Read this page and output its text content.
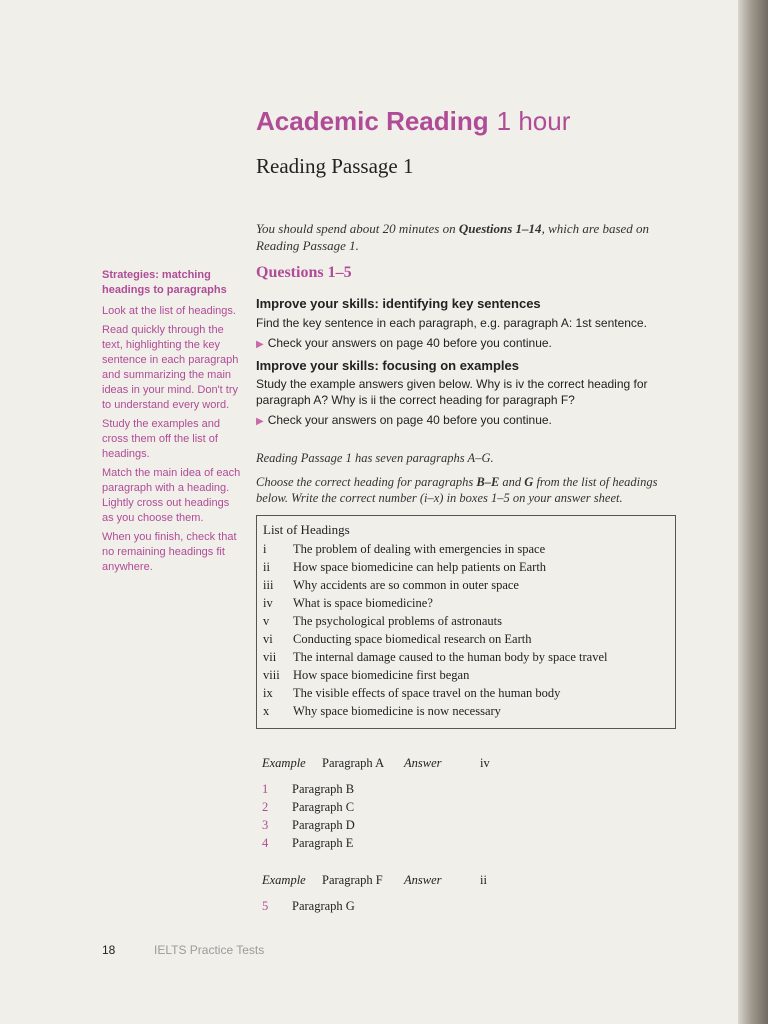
Academic Reading 1 hour
Reading Passage 1
You should spend about 20 minutes on Questions 1–14, which are based on Reading Passage 1.
Strategies: matching headings to paragraphs

Look at the list of headings.

Read quickly through the text, highlighting the key sentence in each paragraph and summarizing the main ideas in your mind. Don't try to understand every word.

Study the examples and cross them off the list of headings.

Match the main idea of each paragraph with a heading. Lightly cross out headings as you choose them.

When you finish, check that no remaining headings fit anywhere.

Questions 1–5
Improve your skills: identifying key sentences
Find the key sentence in each paragraph, e.g. paragraph A: 1st sentence.
▶ Check your answers on page 40 before you continue.
Improve your skills: focusing on examples
Study the example answers given below. Why is iv the correct heading for paragraph A? Why is ii the correct heading for paragraph F?
▶ Check your answers on page 40 before you continue.
Reading Passage 1 has seven paragraphs A–G.
Choose the correct heading for paragraphs B–E and G from the list of headings below. Write the correct number (i–x) in boxes 1–5 on your answer sheet.
List of Headings
i The problem of dealing with emergencies in space
ii How space biomedicine can help patients on Earth
iii Why accidents are so common in outer space
iv What is space biomedicine?
v The psychological problems of astronauts
vi Conducting space biomedical research on Earth
vii The internal damage caused to the human body by space travel
viii How space biomedicine first began
ix The visible effects of space travel on the human body
x Why space biomedicine is now necessary
Example Paragraph A Answer	iv
1 Paragraph B
2 Paragraph C
3 Paragraph D
4 Paragraph E
Example Paragraph F Answer	ii
5 Paragraph G
18	IELTS Practice Tests
